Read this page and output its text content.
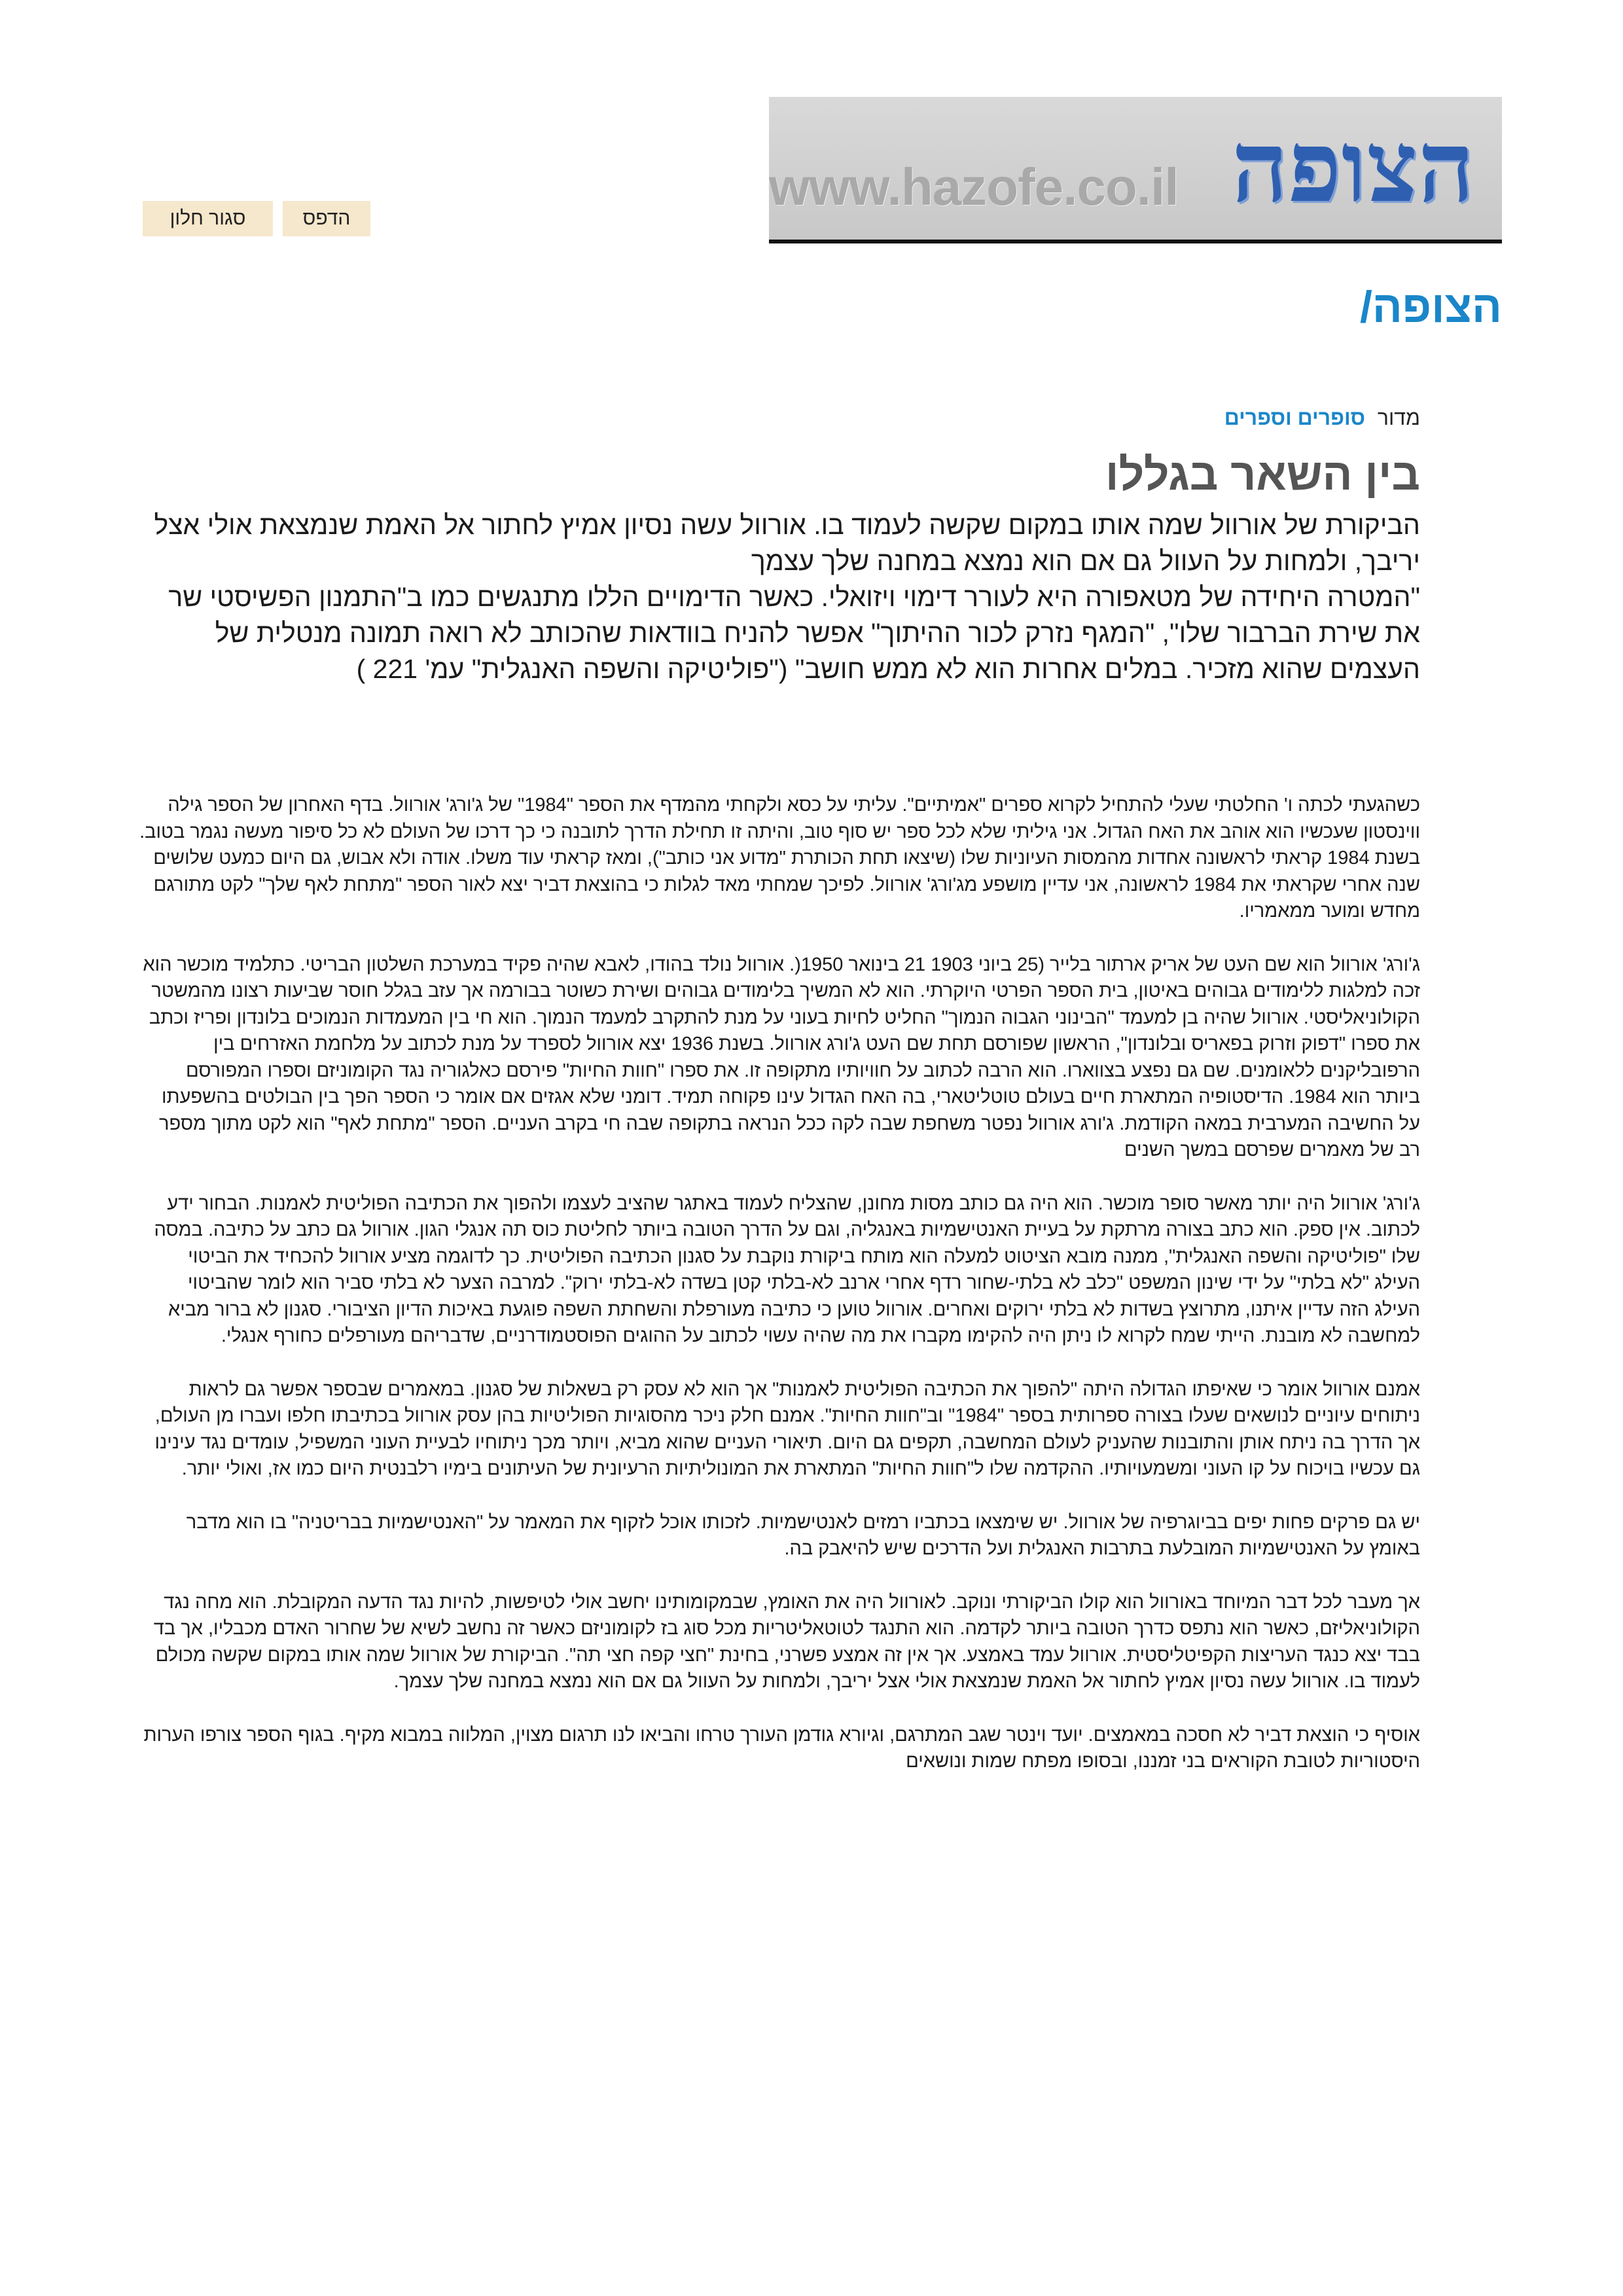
www.hazofe.co.il הצופה
הדפס
סגור חלון
הצופה/
מדור סופרים וספרים
בין השאר בגללו

הביקורת של אורוול שמה אותו במקום שקשה לעמוד בו. אורוול עשה נסיון אמיץ לחתור אל האמת שנמצאת אולי אצל יריבך, ולמחות על העוול גם אם הוא נמצא במחנה שלך עצמך

"המטרה היחידה של מטאפורה היא לעורר דימוי ויזואלי. כאשר הדימויים הללו מתנגשים כמו ב"התמנון הפשיסטי שר את שירת הברבור שלו", "המגף נזרק לכור ההיתוך" אפשר להניח בוודאות שהכותב לא רואה תמונה מנטלית של העצמים שהוא מזכיר. במלים אחרות הוא לא ממש חושב" ("פוליטיקה והשפה האנגלית" עמ' 221 )

כשהגעתי לכתה ו' החלטתי שעלי להתחיל לקרוא ספרים "אמיתיים". עליתי על כסא ולקחתי מהמדף את הספר "1984" של ג'ורג' אורוול. בדף האחרון של הספר גילה ווינסטון שעכשיו הוא אוהב את האח הגדול. אני גיליתי שלא לכל ספר יש סוף טוב, והיתה זו תחילת הדרך לתובנה כי כך דרכו של העולם לא כל סיפור מעשה נגמר בטוב. בשנת 1984 קראתי לראשונה אחדות מהמסות העיוניות שלו (שיצאו תחת הכותרת "מדוע אני כותב"), ומאז קראתי עוד משלו. אודה ולא אבוש, גם היום כמעט שלושים שנה אחרי שקראתי את 1984 לראשונה, אני עדיין מושפע מג'ורג' אורוול. לפיכך שמחתי מאד לגלות כי בהוצאת דביר יצא לאור הספר "מתחת לאף שלך" לקט מתורגם מחדש ומוער ממאמריו.

ג'ורג' אורוול הוא שם העט של אריק ארתור בלייר (25 ביוני 1903 21 בינואר 1950(. אורוול נולד בהודו, לאבא שהיה פקיד במערכת השלטון הבריטי. כתלמיד מוכשר הוא זכה למלגות ללימודים גבוהים באיטון, בית הספר הפרטי היוקרתי. הוא לא המשיך בלימודים גבוהים ושירת כשוטר בבורמה אך עזב בגלל חוסר שביעות רצונו מהמשטר הקולוניאליסטי. אורוול שהיה בן למעמד "הבינוני הגבוה הנמוך" החליט לחיות בעוני על מנת להתקרב למעמד הנמוך. הוא חי בין המעמדות הנמוכים בלונדון ופריז וכתב את ספרו "דפוק וזרוק בפאריס ובלונדון", הראשון שפורסם תחת שם העט ג'ורג אורוול. בשנת 1936 יצא אורוול לספרד על מנת לכתוב על מלחמת האזרחים בין הרפובליקנים ללאומנים. שם גם נפצע בצווארו. הוא הרבה לכתוב על חוויותיו מתקופה זו. את ספרו "חוות החיות" פירסם כאלגוריה נגד הקומוניזם וספרו המפורסם ביותר הוא 1984. הדיסטופיה המתארת חיים בעולם טוטליטארי, בה האח הגדול עינו פקוחה תמיד. דומני שלא אגזים אם אומר כי הספר הפך בין הבולטים בהשפעתו על החשיבה המערבית במאה הקודמת. ג'ורג אורוול נפטר משחפת שבה לקה ככל הנראה בתקופה שבה חי בקרב העניים. הספר "מתחת לאף" הוא לקט מתוך מספר רב של מאמרים שפרסם במשך השנים

ג'ורג' אורוול היה יותר מאשר סופר מוכשר. הוא היה גם כותב מסות מחונן, שהצליח לעמוד באתגר שהציב לעצמו ולהפוך את הכתיבה הפוליטית לאמנות. הבחור ידע לכתוב. אין ספק. הוא כתב בצורה מרתקת על בעיית האנטישמיות באנגליה, וגם על הדרך הטובה ביותר לחליטת כוס תה אנגלי הגון. אורוול גם כתב על כתיבה. במסה שלו "פוליטיקה והשפה האנגלית", ממנה מובא הציטוט למעלה הוא מותח ביקורת נוקבת על סגנון הכתיבה הפוליטית. כך לדוגמה מציע אורוול להכחיד את הביטוי העילג "לא בלתי" על ידי שינון המשפט "כלב לא בלתי-שחור רדף אחרי ארנב לא-בלתי קטן בשדה לא-בלתי ירוק". למרבה הצער לא בלתי סביר הוא לומר שהביטוי העילג הזה עדיין איתנו, מתרוצץ בשדות לא בלתי ירוקים ואחרים. אורוול טוען כי כתיבה מעורפלת והשחתת השפה פוגעת באיכות הדיון הציבורי. סגנון לא ברור מביא למחשבה לא מובנת. הייתי שמח לקרוא לו ניתן היה להקימו מקברו את מה שהיה עשוי לכתוב על ההוגים הפוסטמודרניים, שדבריהם מעורפלים כחורף אנגלי.

אמנם אורוול אומר כי שאיפתו הגדולה היתה "להפוך את הכתיבה הפוליטית לאמנות" אך הוא לא עסק רק בשאלות של סגנון. במאמרים שבספר אפשר גם לראות ניתוחים עיוניים לנושאים שעלו בצורה ספרותית בספר "1984" וב"חוות החיות". אמנם חלק ניכר מהסוגיות הפוליטיות בהן עסק אורוול בכתיבתו חלפו ועברו מן העולם, אך הדרך בה ניתח אותן והתובנות שהעניק לעולם המחשבה, תקפים גם היום. תיאורי העניים שהוא מביא, ויותר מכך ניתוחיו לבעיית העוני המשפיל, עומדים נגד עינינו גם עכשיו בויכוח על קו העוני ומשמעויותיו. ההקדמה שלו ל"חוות החיות" המתארת את המונוליתיות הרעיונית של העיתונים בימיו רלבנטית היום כמו אז, ואולי יותר.

יש גם פרקים פחות יפים בביוגרפיה של אורוול. יש שימצאו בכתביו רמזים לאנטישמיות. לזכותו אוכל לזקוף את המאמר על "האנטישמיות בבריטניה" בו הוא מדבר באומץ על האנטישמיות המובלעת בתרבות האנגלית ועל הדרכים שיש להיאבק בה.

אך מעבר לכל דבר המיוחד באורוול הוא קולו הביקורתי ונוקב. לאורוול היה את האומץ, שבמקומותינו יחשב אולי לטיפשות, להיות נגד הדעה המקובלת. הוא מחה נגד הקולוניאליזם, כאשר הוא נתפס כדרך הטובה ביותר לקדמה. הוא התנגד לטוטאליטריות מכל סוג בז לקומוניזם כאשר זה נחשב לשיא של שחרור האדם מכבליו, אך בד בבד יצא כנגד העריצות הקפיטליסטית. אורוול עמד באמצע. אך אין זה אמצע פשרני, בחינת "חצי קפה חצי תה". הביקורת של אורוול שמה אותו במקום שקשה מכולם לעמוד בו. אורוול עשה נסיון אמיץ לחתור אל האמת שנמצאת אולי אצל יריבך, ולמחות על העוול גם אם הוא נמצא במחנה שלך עצמך.

אוסיף כי הוצאת דביר לא חסכה במאמצים. יועד וינטר שגב המתרגם, וגיורא גודמן העורך טרחו והביאו לנו תרגום מצוין, המלווה במבוא מקיף. בגוף הספר צורפו הערות היסטוריות לטובת הקוראים בני זמננו, ובסופו מפתח שמות ונושאים
